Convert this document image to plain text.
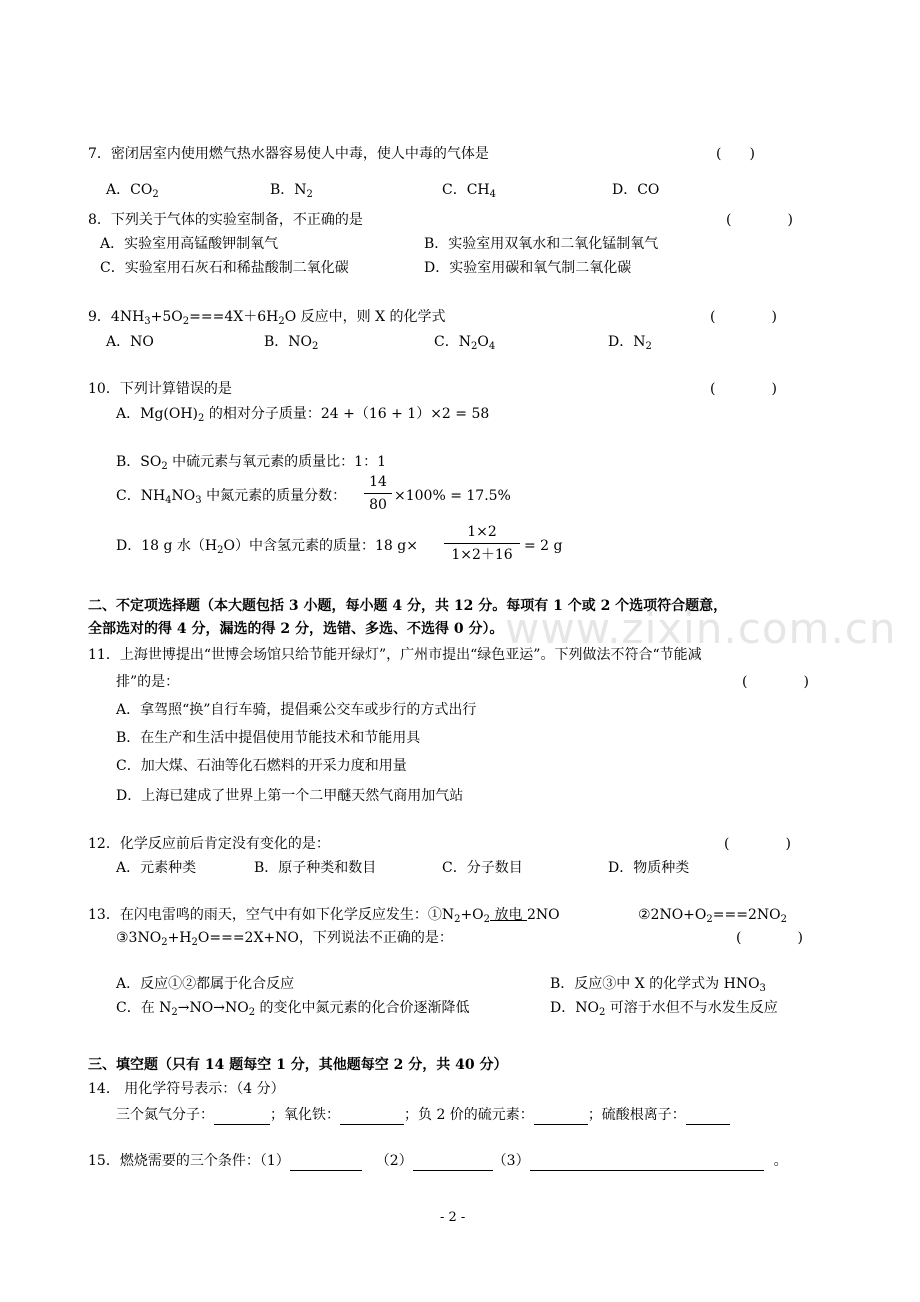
www.zixin.com.cn
7．密闭居室内使用燃气热水器容易使人中毒，使人中毒的气体是	(　　)
A．$CO_2$	B．$N_2$	C．$CH_4$	D．CO
8．下列关于气体的实验室制备，不正确的是	(　　　　)
A．实验室用高锰酸钾制氧气	B．实验室用双氧水和二氧化锰制氧气
C．实验室用石灰石和稀盐酸制二氧化碳	D．实验室用碳和氧气制二氧化碳
9．$4NH_3+5O_2===4X+6H_2O$ 反应中，则 X 的化学式	(　　　　)
A．NO	B．$NO_2$	C．$N_2O_4$	D．$N_2$
10．下列计算错误的是	(　　　　)
A．$Mg(OH)_2$ 的相对分子质量：24 +（16 + 1）×2 = 58
B．$SO_2$ 中硫元素与氧元素的质量比：1：1
C．$NH_4NO_3$ 中氮元素的质量分数：
14
80
×100% = 17.5%
D．18 g 水$(H_2O)$中含氢元素的质量：18 g×
1×2
1×2＋16
= 2 g
二、不定项选择题（本大题包括 3 小题，每小题 4 分，共 12 分。每项有 1 个或 2 个选项符合题意，
全部选对的得 4 分，漏选的得 2 分，选错、多选、不选得 0 分）。
11．上海世博提出“世博会场馆只给节能开绿灯”，广州市提出“绿色亚运”。下列做法不符合“节能减
排”的是：	(　　　　)
A．拿驾照“换”自行车骑，提倡乘公交车或步行的方式出行
B．在生产和生活中提倡使用节能技术和节能用具
C．加大煤、石油等化石燃料的开采力度和用量
D．上海已建成了世界上第一个二甲醚天然气商用加气站
12．化学反应前后肯定没有变化的是：	(　　　　)
A．元素种类	B．原子种类和数目	C．分子数目	D．物质种类
13．在闪电雷鸣的雨天，空气中有如下化学反应发生：$①N_2+O_2$ 放电 2NO	$②2NO+O_2===2NO_2$
$③3NO_2+H_2O===2X+NO$，下列说法不正确的是：	(　　　　)
A．反应①②都属于化合反应	B．反应③中 X 的化学式为 $HNO_3$
C．在 $N_2\to NO\to NO_2$ 的变化中氮元素的化合价逐渐降低	D．$NO_2$ 可溶于水但不与水发生反应
三、填空题（只有 14 题每空 1 分，其他题每空 2 分，共 40 分）
14． 用化学符号表示：（4 分）
三个氮气分子：	；氧化铁：	；负 2 价的硫元素：	；硫酸根离子：
15．燃烧需要的三个条件：（1）	（2）	（3）	。
- 2 -
